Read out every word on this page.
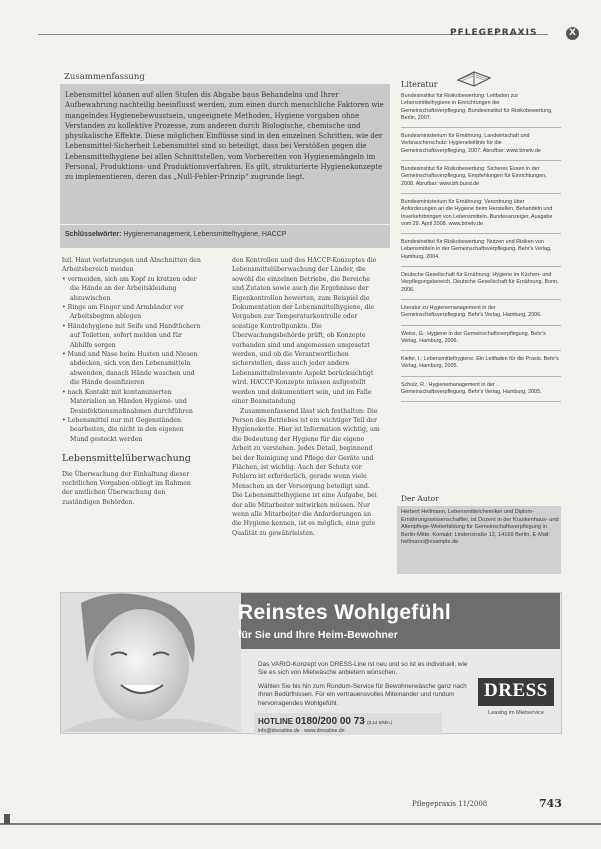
PFLEGEPRAXIS	X
Zusammenfassung
Lebensmittel können auf allen Stufen dis Abgabe baus Behandelns und Ihrer Aufbewahrung nachteilig beeinflusst werden, zum einen durch menschliche Faktoren wie mangelndes Hygienebewusstsein, ungeeignete Methoden, Hygiene vorgaben ohne Verstanden zu kollektive Prozesse, zum anderen durch Biologische, chemische und physikalische Effekte. Diese möglichen Einflüsse sind in den einzelnen Schritten, wie der Lebensmittel-Sicherheit Lebensmittel sind so beteiligt, dass bei Verstößen gegen die Lebensmittelhygiene bei allen Schnittstellen, vom Vorbereiten von Hygienemängeln im Personal, Produktions- und Produktionsverfahren. Es gilt, strukturierte Hygienekonzepte zu implementieren, deren das „Null-Fehler-Prinzip“ zugrunde liegt.
Schlüsselwörter: Hygienemanagement, Lebensmittelhygiene, HACCP
bzl. Haut verletzungen und Abschnitten den Arbeitsbereich meiden
• vermeiden, sich am Kopf zu kratzen oder die Hände an der Arbeitskleidung abzuwischen
• Ringe am Finger und Armbänder vor Arbeitsbeginn ablegen
• Händehygiene mit Seife und Handtüchern auf Toiletten, sofort melden und für Abhilfe sorgen
• Mund und Nase beim Husten und Niesen abdecken, sich von den Lebensmitteln abwenden, danach Hände waschen und die Hände desinfizieren
• nach Kontakt mit kontaminierten Materialien an Händen Hygiene- und Desinfektionsmaßnahmen durchführen
• Lebensmittel nur mit Gegenständen bearbeiten, die nicht in den eigenen Mund gesteckt werden
Lebensmittelüberwachung
Die Überwachung der Einhaltung dieser rechtlichen Vorgaben obliegt im Rahmen der amtlichen Überwachung den zuständigen Behörden.
den Kontrollen und des HACCP-Konzeptes die Lebensmittelüberwachung der Länder, die sowohl die einzelnen Betriebe, die Bereiche und Zutaten sowie auch die Ergebnisse der Eigenkontrollen bewerten, zum Beispiel die Dokumentation der Lebensmittelhygiene, die Vorgaben zur Temperaturkontrolle oder sonstige Kontrollpunkte. Die Überwachungsbehörde prüft, ob Konzepte vorhanden sind und angemessen umgesetzt werden, und ob die Verantwortlichen sicherstellen, dass auch jeder andere Lebensmittelrelevante Aspekt berücksichtigt wird. HACCP-Konzepte müssen aufgestellt werden und dokumentiert sein, und im Falle einer Beanstandung
Zusammenfassend lässt sich festhalten: Die Person des Betriebes ist ein wichtiger Teil der Hygienekette. Hier ist Information wichtig, um die Bedeutung der Hygiene für die eigene Arbeit zu verstehen. Jedes Detail, beginnend bei der Reinigung und Pflege der Geräte und Flächen, ist wichtig. Auch der Schutz vor Fehlern ist erforderlich, gerade wenn viele Menschen an der Versorgung beteiligt sind. Die Lebensmittelhygiene ist eine Aufgabe, bei der alle Mitarbeiter mitwirken müssen. Nur wenn alle Mitarbeiter die Anforderungen an die Hygiene kennen, ist es möglich, eine gute Qualität zu gewährleisten.
Literatur
Bundesinstitut für Risikobewertung: Leitfaden zur Lebensmittelhygiene in Einrichtungen der Gemeinschaftsverpflegung. Bundesinstitut für Risikobewertung, Berlin, 2007.
Bundesministerium für Ernährung, Landwirtschaft und Verbraucherschutz: Hygieneleitlinie für die Gemeinschaftsverpflegung, 2007. Abrufbar: www.bmelv.de
Bundesinstitut für Risikobewertung: Sicheres Essen in der Gemeinschaftsverpflegung, Empfehlungen für Einrichtungen, 2008. Abrufbar: www.bfr.bund.de
Bundesministerium für Ernährung: Verordnung über Anforderungen an die Hygiene beim Herstellen, Behandeln und Inverkehrbringen von Lebensmitteln. Bundesanzeiger, Ausgabe vom 29. April 2008. www.bmelv.de
Bundesinstitut für Risikobewertung: Nutzen und Risiken von Lebensmitteln in der Gemeinschaftsverpflegung. Behr's Verlag, Hamburg, 2004.
Deutsche Gesellschaft für Ernährung: Hygiene im Küchen- und Verpflegungsbereich. Deutsche Gesellschaft für Ernährung, Bonn, 2006.
Literatur zu Hygienemanagement in der Gemeinschaftsverpflegung. Behr's Verlag, Hamburg, 2006.
Weiss, G.: Hygiene in der Gemeinschaftsverpflegung. Behr's Verlag, Hamburg, 2006.
Kiefer, I.: Lebensmittelhygiene. Ein Leitfaden für die Praxis. Behr's Verlag, Hamburg, 2005.
Schulz, R.: Hygienemanagement in der Gemeinschaftsverpflegung. Behr's Verlag, Hamburg, 2005.
Der Autor
Herbert Hellmann, Lebensmittelchemiker und Diplom-Ernährungswissenschaftler, ist Dozent in der Krankenhaus- und Altenpflege-Weiterbildung für Gemeinschaftsverpflegung in Berlin-Mitte. Kontakt: Lindenstraße 12, 14169 Berlin, E-Mail: hellmann@example.de
Reinstes Wohlgefühl
für Sie und Ihre Heim-Bewohner
Das VARIO-Konzept von DRESS-Line ist neu und so ist es individuell, wie Sie es sich von Mietwäsche anbietern wünschen.
Wählen Sie bis hin zum Rundum-Service für Bewohnerwäsche ganz nach Ihren Bedürfnissen. Für ein vertrauensvolles Miteinander und rundum hervorragendes Wohlgefühl.
HOTLINE 0180/200 00 73 (0,14 €/Min.)
info@dressline.de · www.dressline.de
DRESS
Leasing im Mietservice
Pflegepraxis 11/2008	743
